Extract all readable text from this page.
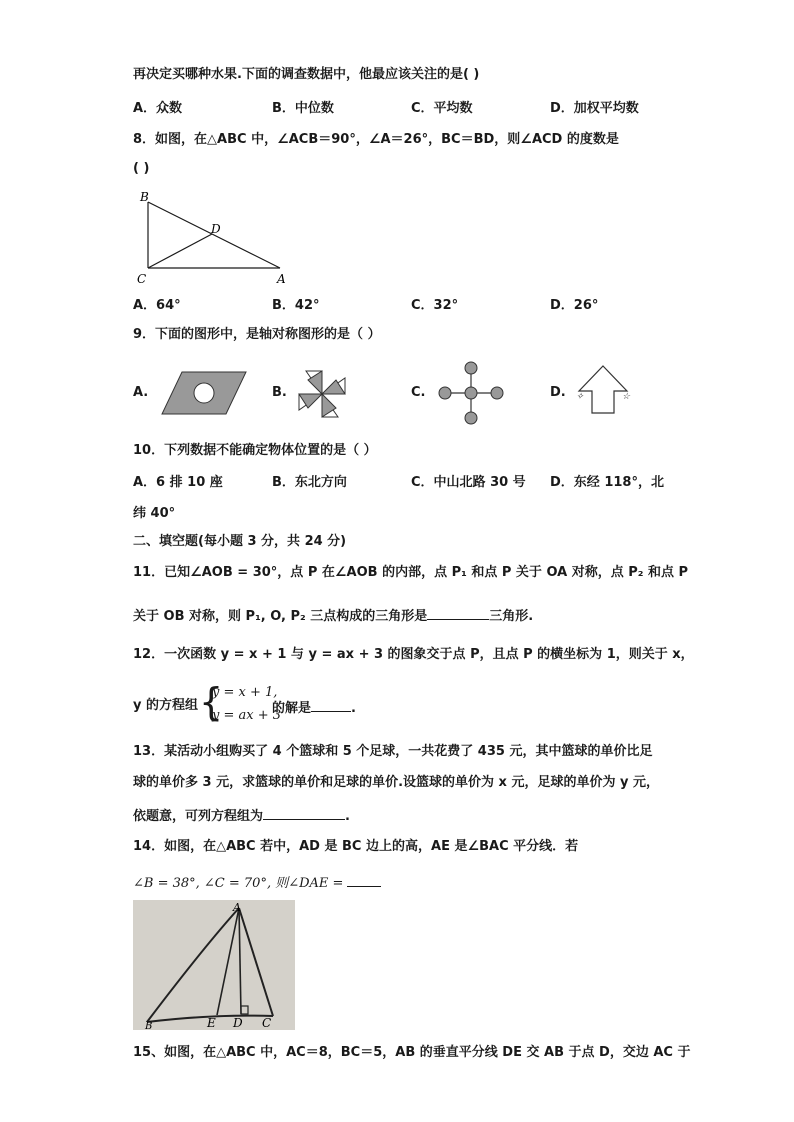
再决定买哪种水果.下面的调查数据中，他最应该关注的是( )
A．众数	B．中位数	C．平均数	D．加权平均数
8．如图，在△ABC 中，∠ACB＝90°，∠A＝26°，BC＝BD，则∠ACD 的度数是
( )
B
D
C	A
A．64°	B．42°	C．32°	D．26°
9．下面的图形中，是轴对称图形的是（ ）
A.	B.	C.	D. ✧	☆
10．下列数据不能确定物体位置的是（ ）
A．6 排 10 座	B．东北方向	C．中山北路 30 号 D．东经 118°，北
纬 40°
二、填空题(每小题 3 分，共 24 分)
11．已知∠AOB = 30°，点 P 在∠AOB 的内部，点 P₁ 和点 P 关于 OA 对称，点 P₂ 和点 P
关于 OB 对称，则 P₁, O, P₂ 三点构成的三角形是	三角形.
12．一次函数 y = x + 1 与 y = ax + 3 的图象交于点 P，且点 P 的横坐标为 1，则关于 x，
y 的方程组 {
y = x + 1,
y = ax + 3
的解是	.
13．某活动小组购买了 4 个篮球和 5 个足球，一共花费了 435 元，其中篮球的单价比足
球的单价多 3 元，求篮球的单价和足球的单价.设篮球的单价为 x 元，足球的单价为 y 元，
依题意，可列方程组为	.
14．如图，在△ABC 若中，AD 是 BC 边上的高，AE 是∠BAC 平分线．若
∠B = 38°, ∠C = 70°, 则∠DAE =
A
B	E D C
15、如图，在△ABC 中，AC＝8，BC＝5，AB 的垂直平分线 DE 交 AB 于点 D，交边 AC 于
